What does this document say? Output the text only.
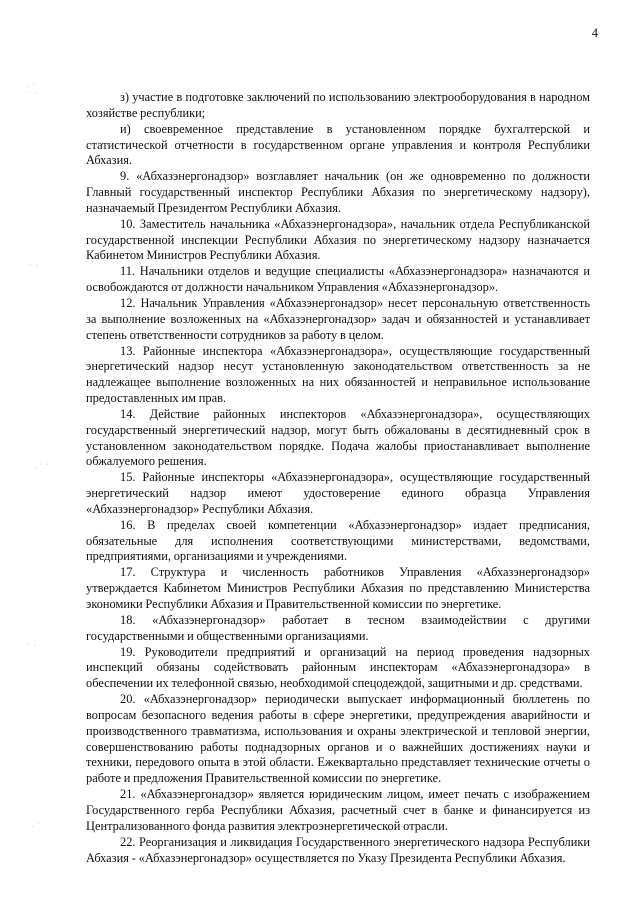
4
· ˙
˙ ·
˙ ·
· ˙ ·
˙ ·
· ˙

з) участие в подготовке заключений по использованию электрооборудования в народном хозяйстве республики;

и) своевременное представление в установленном порядке бухгалтерской и статистической отчетности в государственном органе управления и контроля Республики Абхазия.

9. «Абхазэнергонадзор» возглавляет начальник (он же одновременно по должности Главный государственный инспектор Республики Абхазия по энергетическому надзору), назначаемый Президентом Республики Абхазия.

10. Заместитель начальника «Абхазэнергонадзора», начальник отдела Республиканской государственной инспекции Республики Абхазия по энергетическому надзору назначается Кабинетом Министров Республики Абхазия.

11. Начальники отделов и ведущие специалисты «Абхазэнергонадзора» назначаются и освобождаются от должности начальником Управления «Абхазэнергонадзор».

12. Начальник Управления «Абхазэнергонадзор» несет персональную ответственность за выполнение возложенных на «Абхазэнергонадзор» задач и обязанностей и устанавливает степень ответственности сотрудников за работу в целом.

13. Районные инспектора «Абхазэнергонадзора», осуществляющие государственный энергетический надзор несут установленную законодательством ответственность за не надлежащее выполнение возложенных на них обязанностей и неправильное использование предоставленных им прав.

14. Действие районных инспекторов «Абхазэнергонадзора», осуществляющих государственный энергетический надзор, могут быть обжалованы в десятидневный срок в установленном законодательством порядке. Подача жалобы приостанавливает выполнение обжалуемого решения.

15. Районные инспекторы «Абхазэнергонадзора», осуществляющие государственный энергетический надзор имеют удостоверение единого образца Управления «Абхазэнергонадзор» Республики Абхазия.

16. В пределах своей компетенции «Абхазэнергонадзор» издает предписания, обязательные для исполнения соответствующими министерствами, ведомствами, предприятиями, организациями и учреждениями.

17. Структура и численность работников Управления «Абхазэнергонадзор» утверждается Кабинетом Министров Республики Абхазия по представлению Министерства экономики Республики Абхазия и Правительственной комиссии по энергетике.

18. «Абхазэнергонадзор» работает в тесном взаимодействии с другими государственными и общественными организациями.

19. Руководители предприятий и организаций на период проведения надзорных инспекций обязаны содействовать районным инспекторам «Абхазэнергонадзора» в обеспечении их телефонной связью, необходимой спецодеждой, защитными и др. средствами.

20. «Абхазэнергонадзор» периодически выпускает информационный бюллетень по вопросам безопасного ведения работы в сфере энергетики, предупреждения аварийности и производственного травматизма, использования и охраны электрической и тепловой энергии, совершенствованию работы поднадзорных органов и о важнейших достижениях науки и техники, передового опыта в этой области. Ежеквартально представляет технические отчеты о работе и предложения Правительственной комиссии по энергетике.

21. «Абхазэнергонадзор» является юридическим лицом, имеет печать с изображением Государственного герба Республики Абхазия, расчетный счет в банке и финансируется из Централизованного фонда развития электроэнергетической отрасли.

22. Реорганизация и ликвидация Государственного энергетического надзора Республики Абхазия - «Абхазэнергонадзор» осуществляется по Указу Президента Республики Абхазия.
